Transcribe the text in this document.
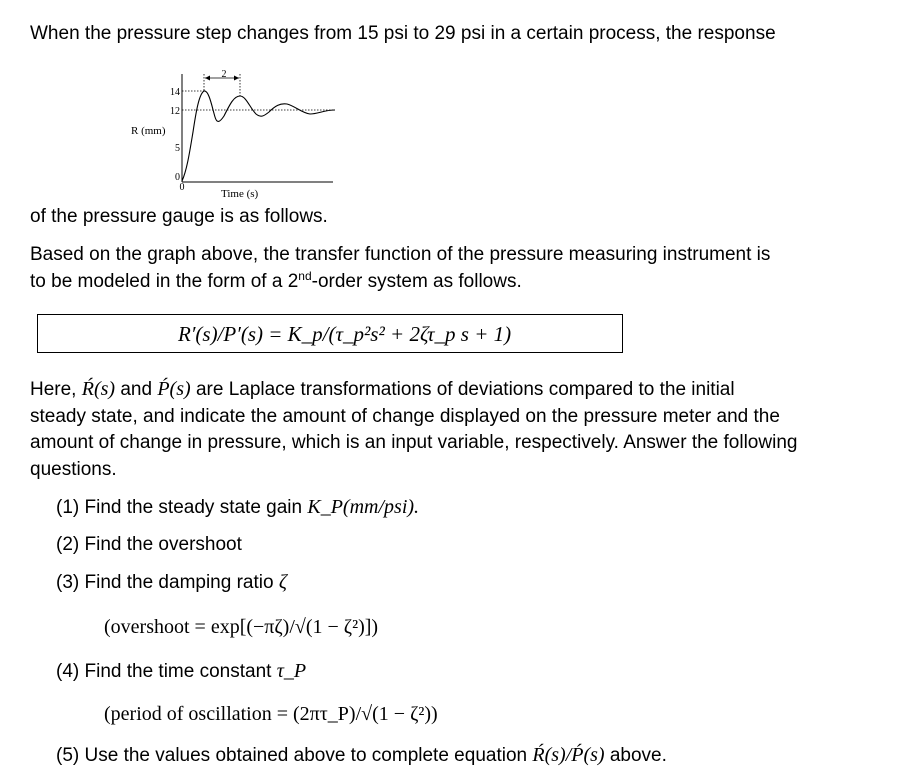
When the pressure step changes from 15 psi to 29 psi in a certain process, the response
2
14
12
5
0
0
R (mm)
Time (s)
of the pressure gauge is as follows.
Based on the graph above, the transfer function of the pressure measuring instrument is
to be modeled in the form of a 2nd-order system as follows.
R′(s)/P′(s) = K_p/(τ_p²s² + 2ζτ_p s + 1)
Here, Ŕ(s) and Ṕ(s) are Laplace transformations of deviations compared to the initial
steady state, and indicate the amount of change displayed on the pressure meter and the
amount of change in pressure, which is an input variable, respectively. Answer the following
questions.
(1) Find the steady state gain K_P(mm/psi).
(2) Find the overshoot
(3) Find the damping ratio ζ
(overshoot = exp[(−πζ)/√(1 − ζ²)])
(4) Find the time constant τ_P
(period of oscillation = (2πτ_P)/√(1 − ζ²))
(5) Use the values obtained above to complete equation Ŕ(s)/Ṕ(s) above.
